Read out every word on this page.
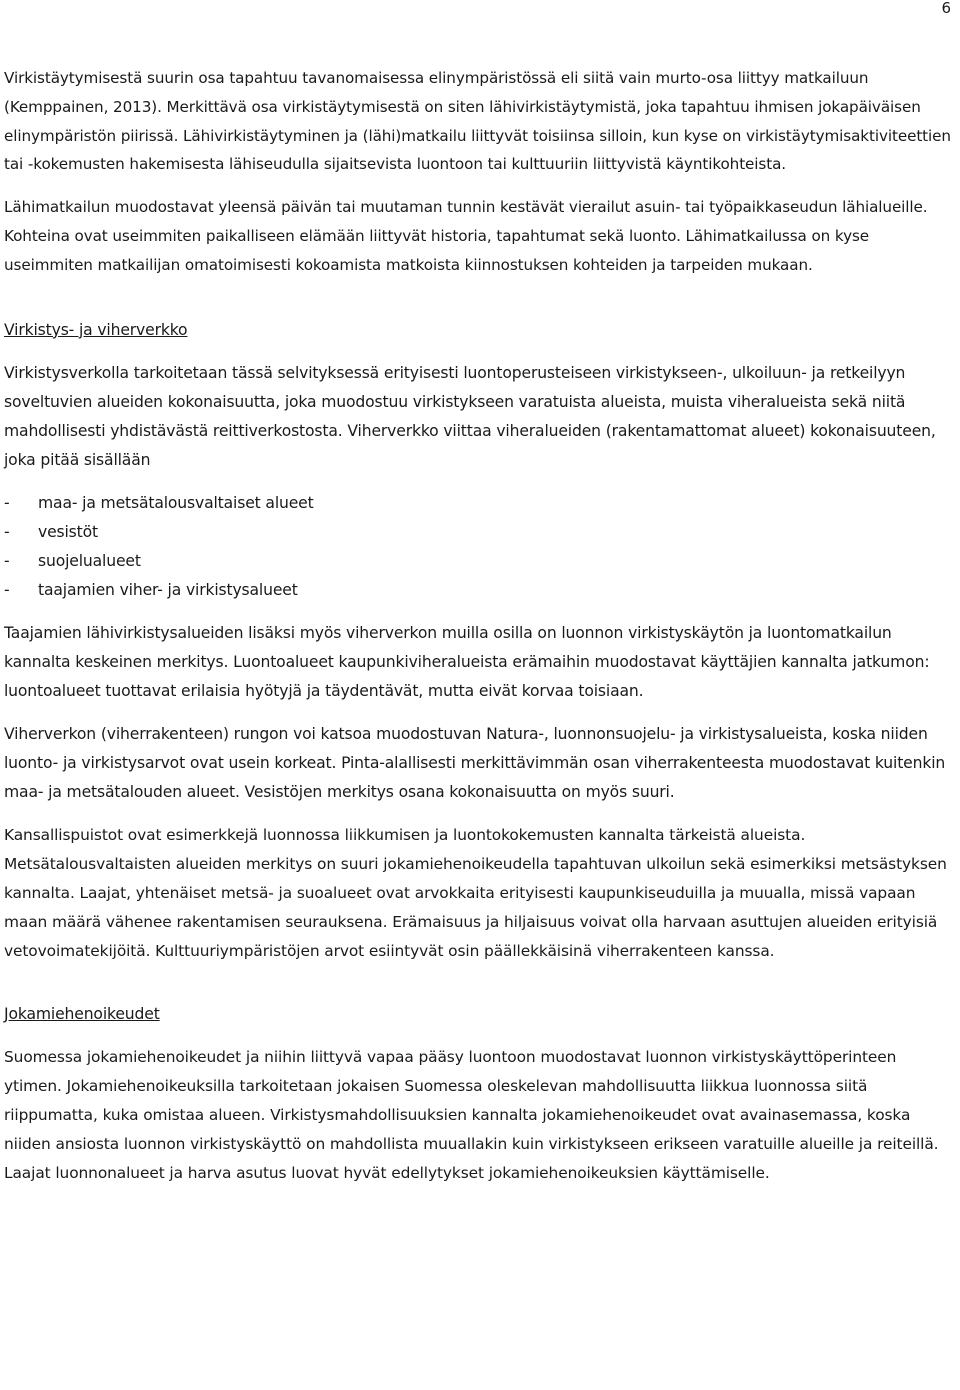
6

Virkistäytymisestä suurin osa tapahtuu tavanomaisessa elinympäristössä eli siitä vain murto-osa liittyy matkailuun (Kemppainen, 2013). Merkittävä osa virkistäytymisestä on siten lähivirkistäytymistä, joka tapahtuu ihmisen jokapäiväisen elinympäristön piirissä. Lähivirkistäytyminen ja (lähi)matkailu liittyvät toisiinsa silloin, kun kyse on virkistäytymisaktiviteettien tai -kokemusten hakemisesta lähiseudulla sijaitsevista luontoon tai kulttuuriin liittyvistä käyntikohteista.

Lähimatkailun muodostavat yleensä päivän tai muutaman tunnin kestävät vierailut asuin- tai työpaikkaseudun lähialueille. Kohteina ovat useimmiten paikalliseen elämään liittyvät historia, tapahtumat sekä luonto. Lähimatkailussa on kyse useimmiten matkailijan omatoimisesti kokoamista matkoista kiinnostuksen kohteiden ja tarpeiden mukaan.

Virkistys- ja viherverkko

Virkistysverkolla tarkoitetaan tässä selvityksessä erityisesti luontoperusteiseen virkistykseen-, ulkoiluun- ja retkeilyyn soveltuvien alueiden kokonaisuutta, joka muodostuu virkistykseen varatuista alueista, muista viheralueista sekä niitä mahdollisesti yhdistävästä reittiverkostosta. Viherverkko viittaa viheralueiden (rakentamattomat alueet) kokonaisuuteen, joka pitää sisällään

- maa- ja metsätalousvaltaiset alueet
- vesistöt
- suojelualueet
- taajamien viher- ja virkistysalueet

Taajamien lähivirkistysalueiden lisäksi myös viherverkon muilla osilla on luonnon virkistyskäytön ja luontomatkailun kannalta keskeinen merkitys. Luontoalueet kaupunkiviheralueista erämaihin muodostavat käyttäjien kannalta jatkumon: luontoalueet tuottavat erilaisia hyötyjä ja täydentävät, mutta eivät korvaa toisiaan.

Viherverkon (viherrakenteen) rungon voi katsoa muodostuvan Natura-, luonnonsuojelu- ja virkistysalueista, koska niiden luonto- ja virkistysarvot ovat usein korkeat. Pinta-alallisesti merkittävimmän osan viherrakenteesta muodostavat kuitenkin maa- ja metsätalouden alueet. Vesistöjen merkitys osana kokonaisuutta on myös suuri.

Kansallispuistot ovat esimerkkejä luonnossa liikkumisen ja luontokokemusten kannalta tärkeistä alueista. Metsätalousvaltaisten alueiden merkitys on suuri jokamiehenoikeudella tapahtuvan ulkoilun sekä esimerkiksi metsästyksen kannalta. Laajat, yhtenäiset metsä- ja suoalueet ovat arvokkaita erityisesti kaupunkiseuduilla ja muualla, missä vapaan maan määrä vähenee rakentamisen seurauksena. Erämaisuus ja hiljaisuus voivat olla harvaan asuttujen alueiden erityisiä vetovoimatekijöitä. Kulttuuriympäristöjen arvot esiintyvät osin päällekkäisinä viherrakenteen kanssa.

Jokamiehenoikeudet

Suomessa jokamiehenoikeudet ja niihin liittyvä vapaa pääsy luontoon muodostavat luonnon virkistyskäyttöperinteen ytimen. Jokamiehenoikeuksilla tarkoitetaan jokaisen Suomessa oleskelevan mahdollisuutta liikkua luonnossa siitä riippumatta, kuka omistaa alueen. Virkistysmahdollisuuksien kannalta jokamiehenoikeudet ovat avainasemassa, koska niiden ansiosta luonnon virkistyskäyttö on mahdollista muuallakin kuin virkistykseen erikseen varatuille alueille ja reiteillä. Laajat luonnonalueet ja harva asutus luovat hyvät edellytykset jokamiehenoikeuksien käyttämiselle.
